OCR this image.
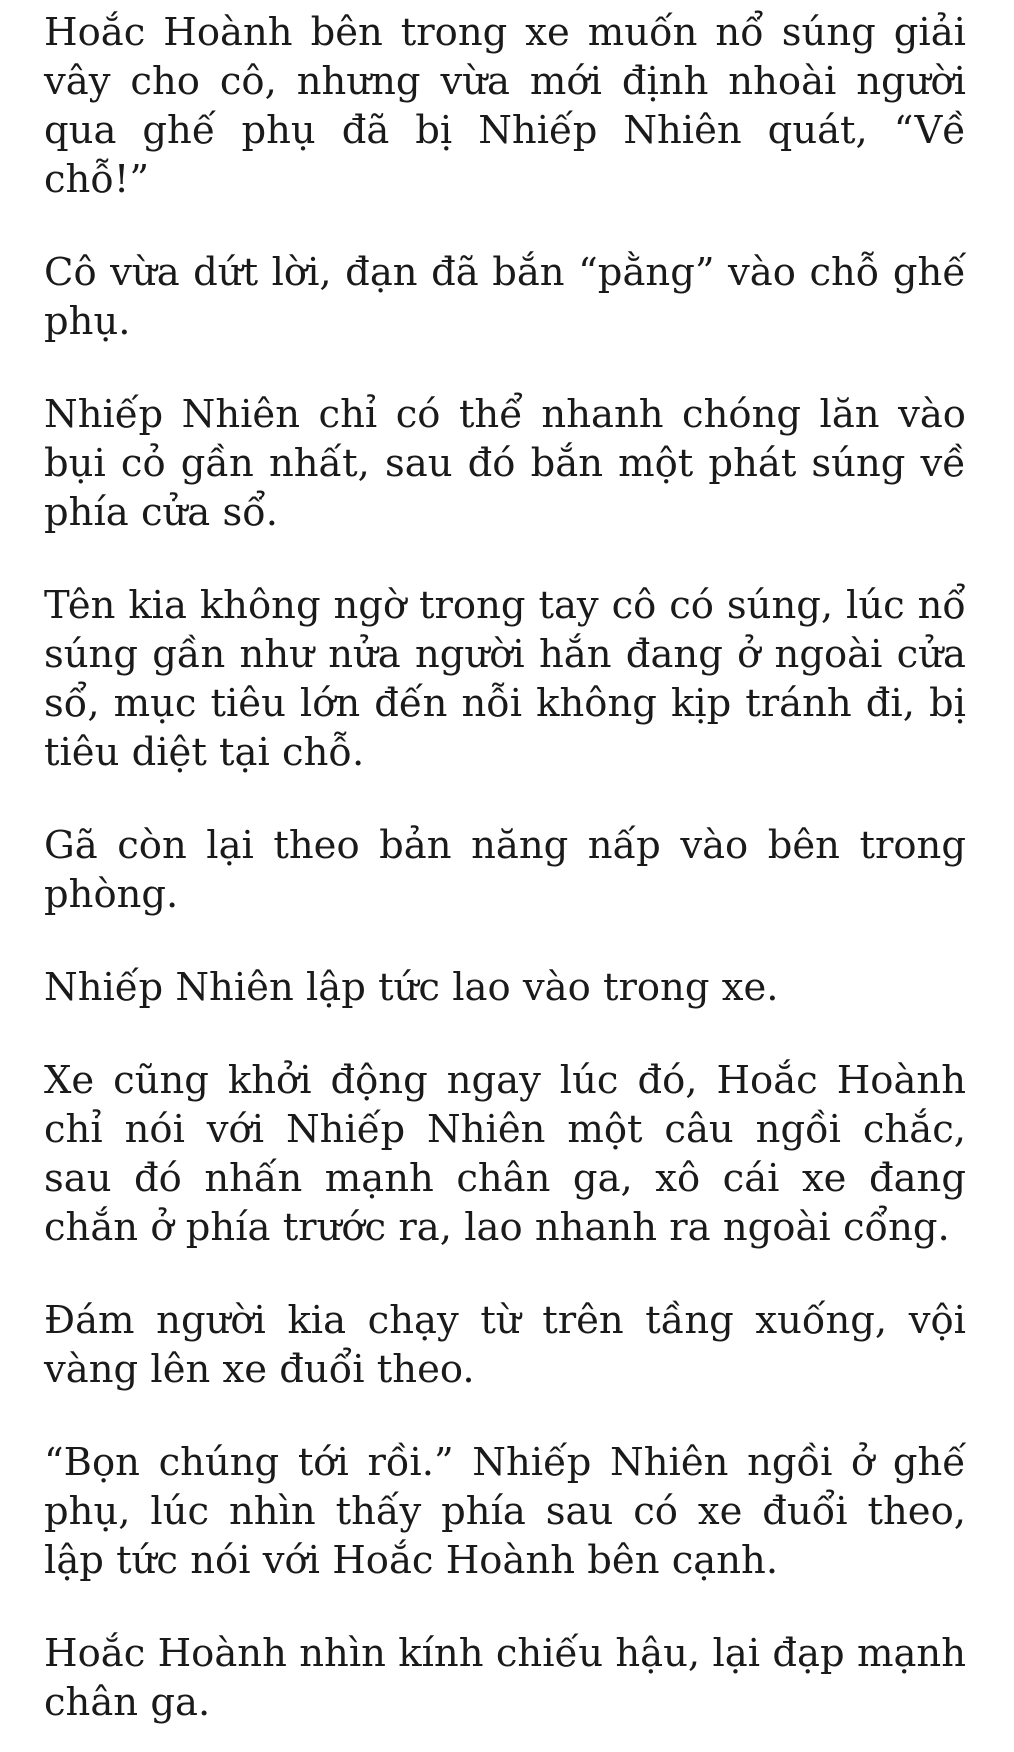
Hoắc Hoành bên trong xe muốn nổ súng giải vây cho cô, nhưng vừa mới định nhoài người qua ghế phụ đã bị Nhiếp Nhiên quát, “Về chỗ!”

Cô vừa dứt lời, đạn đã bắn “pằng” vào chỗ ghế phụ.

Nhiếp Nhiên chỉ có thể nhanh chóng lăn vào bụi cỏ gần nhất, sau đó bắn một phát súng về phía cửa sổ.

Tên kia không ngờ trong tay cô có súng, lúc nổ súng gần như nửa người hắn đang ở ngoài cửa sổ, mục tiêu lớn đến nỗi không kịp tránh đi, bị tiêu diệt tại chỗ.

Gã còn lại theo bản năng nấp vào bên trong phòng.

Nhiếp Nhiên lập tức lao vào trong xe.

Xe cũng khởi động ngay lúc đó, Hoắc Hoành chỉ nói với Nhiếp Nhiên một câu ngồi chắc, sau đó nhấn mạnh chân ga, xô cái xe đang chắn ở phía trước ra, lao nhanh ra ngoài cổng.

Đám người kia chạy từ trên tầng xuống, vội vàng lên xe đuổi theo.

“Bọn chúng tới rồi.” Nhiếp Nhiên ngồi ở ghế phụ, lúc nhìn thấy phía sau có xe đuổi theo, lập tức nói với Hoắc Hoành bên cạnh.

Hoắc Hoành nhìn kính chiếu hậu, lại đạp mạnh chân ga.
